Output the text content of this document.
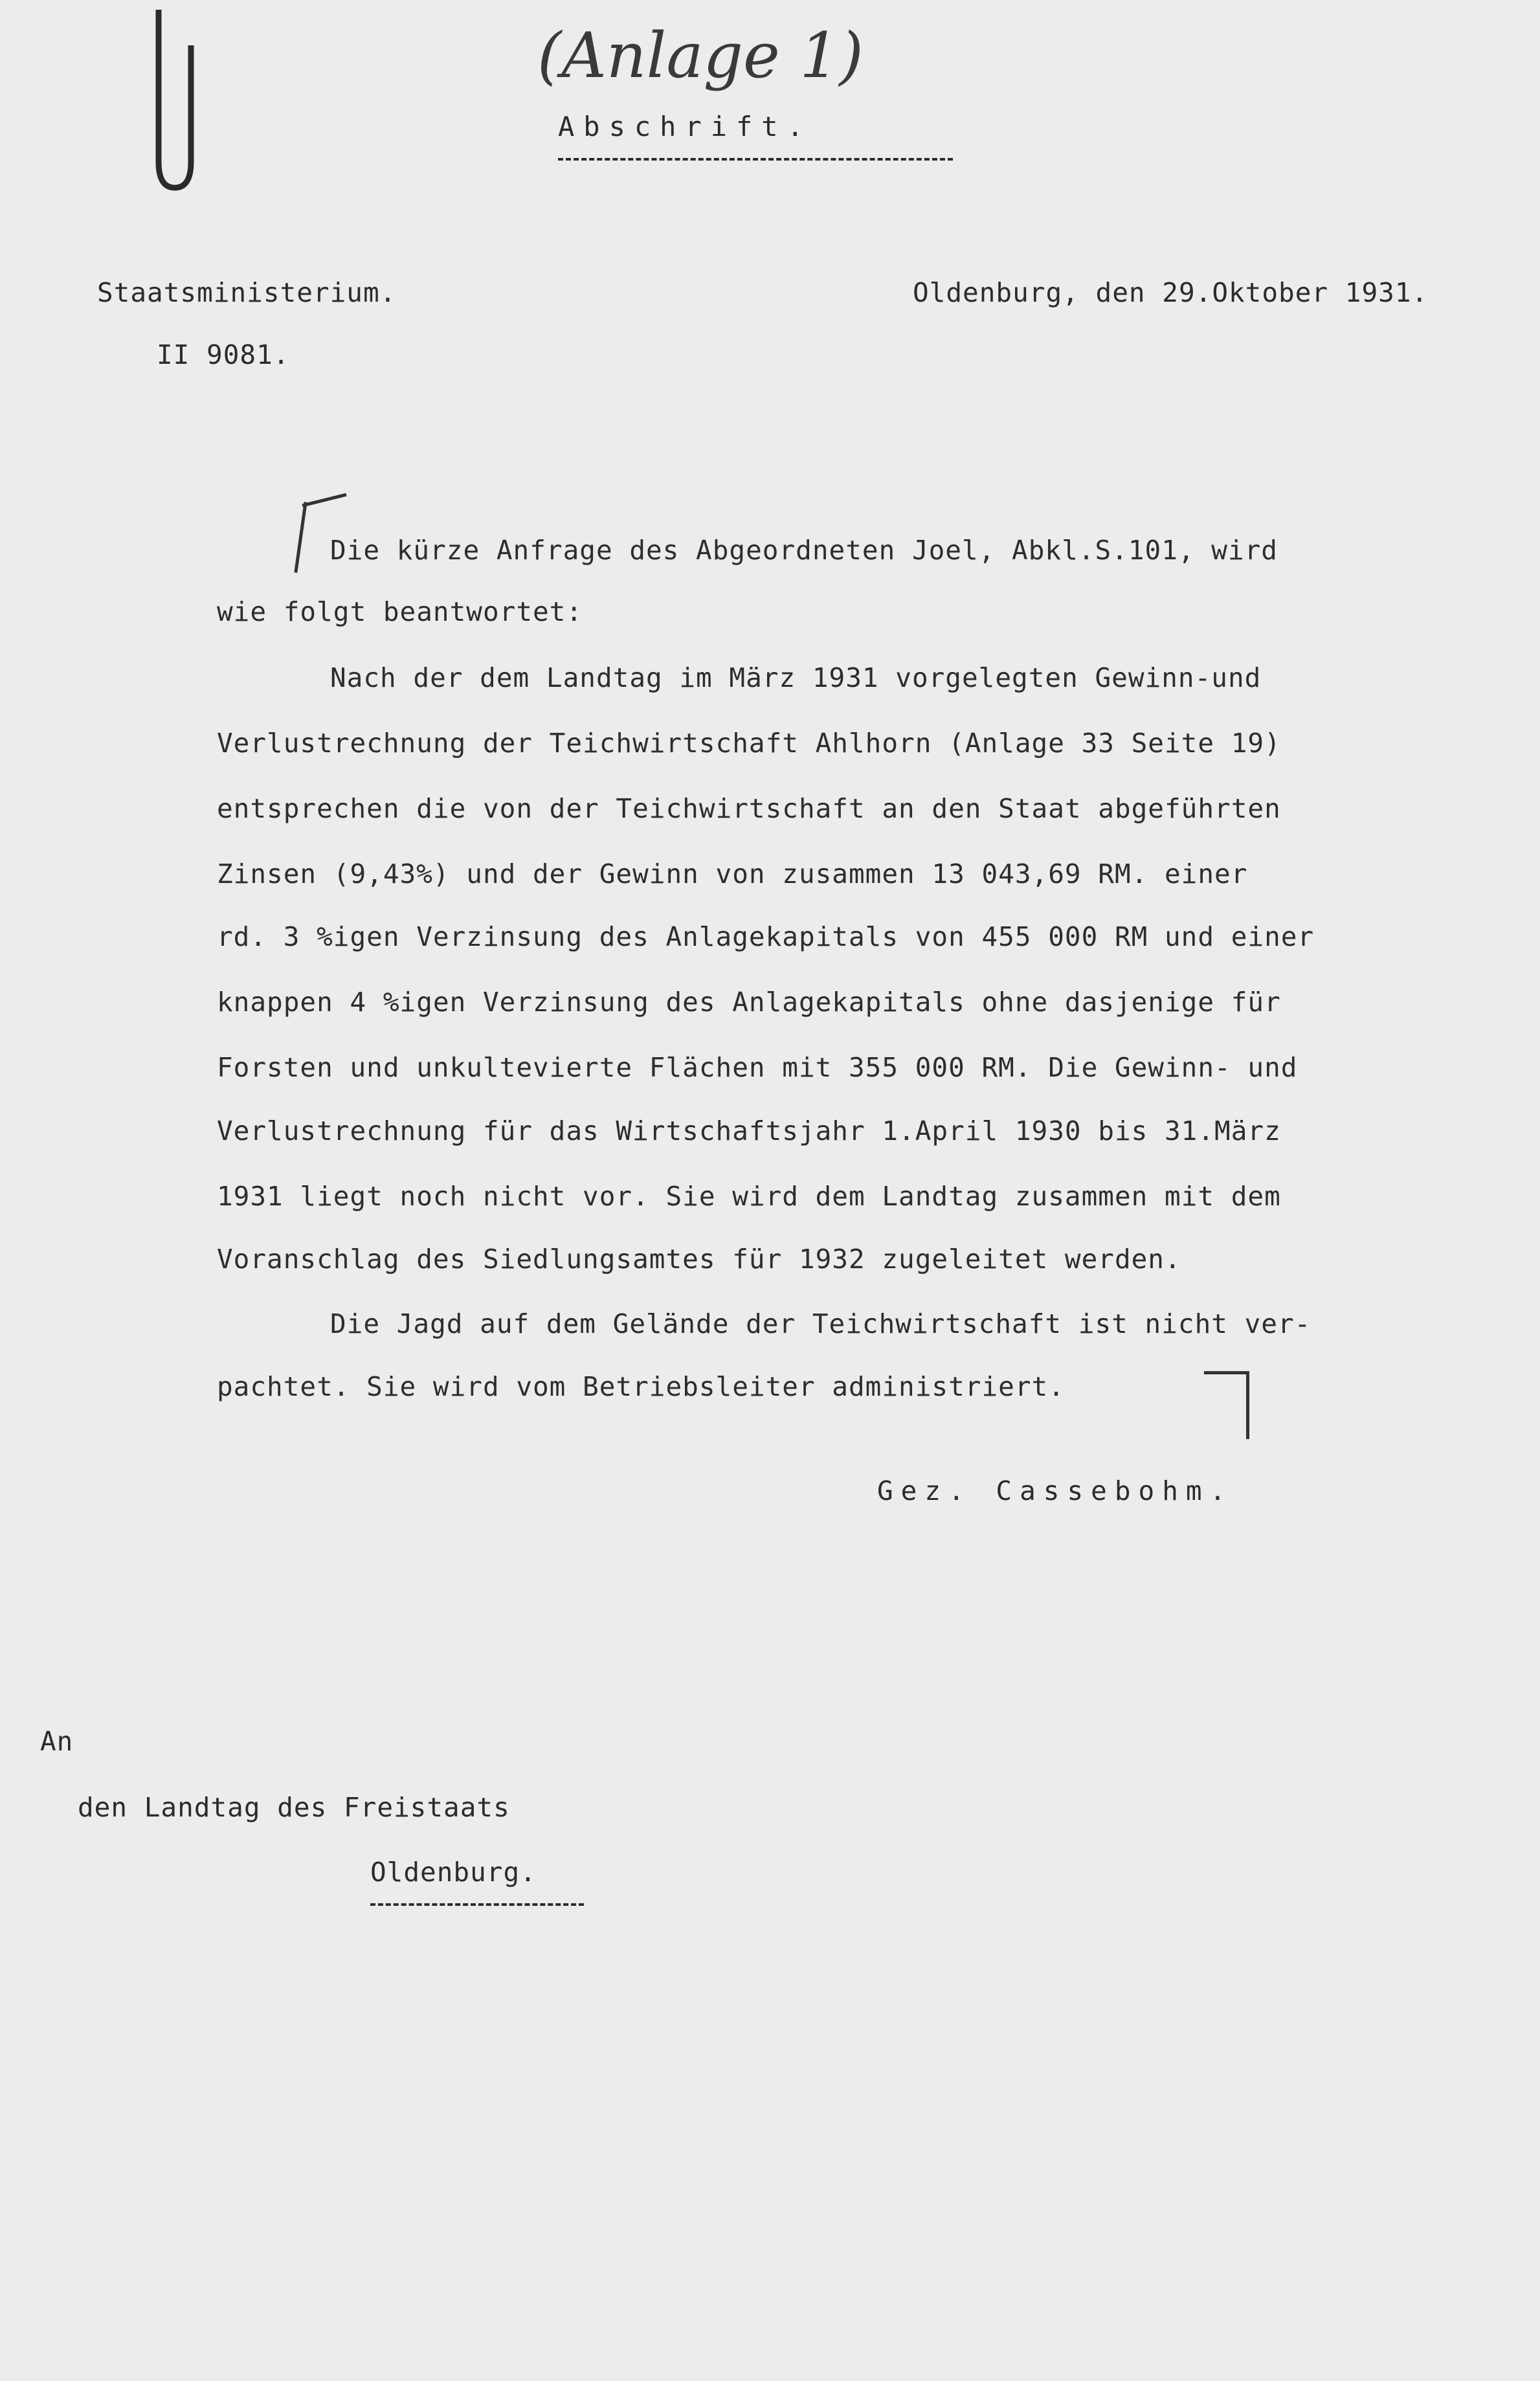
(Anlage 1)
Abschrift.
Staatsministerium.	Oldenburg, den 29.Oktober 1931.
II 9081.
Die kürze Anfrage des Abgeordneten Joel, Abkl.S.101, wird
wie folgt beantwortet:
Nach der dem Landtag im März 1931 vorgelegten Gewinn-und
Verlustrechnung der Teichwirtschaft Ahlhorn (Anlage 33 Seite 19)
entsprechen die von der Teichwirtschaft an den Staat abgeführten
Zinsen (9,43%) und der Gewinn von zusammen 13 043,69 RM. einer
rd. 3 %igen Verzinsung des Anlagekapitals von 455 000 RM und einer
knappen 4 %igen Verzinsung des Anlagekapitals ohne dasjenige für
Forsten und unkultevierte Flächen mit 355 000 RM. Die Gewinn- und
Verlustrechnung für das Wirtschaftsjahr 1.April 1930 bis 31.März
1931 liegt noch nicht vor. Sie wird dem Landtag zusammen mit dem
Voranschlag des Siedlungsamtes für 1932 zugeleitet werden.
Die Jagd auf dem Gelände der Teichwirtschaft ist nicht ver-
pachtet. Sie wird vom Betriebsleiter administriert.
Gez. Cassebohm.
An
den Landtag des Freistaats
Oldenburg.
